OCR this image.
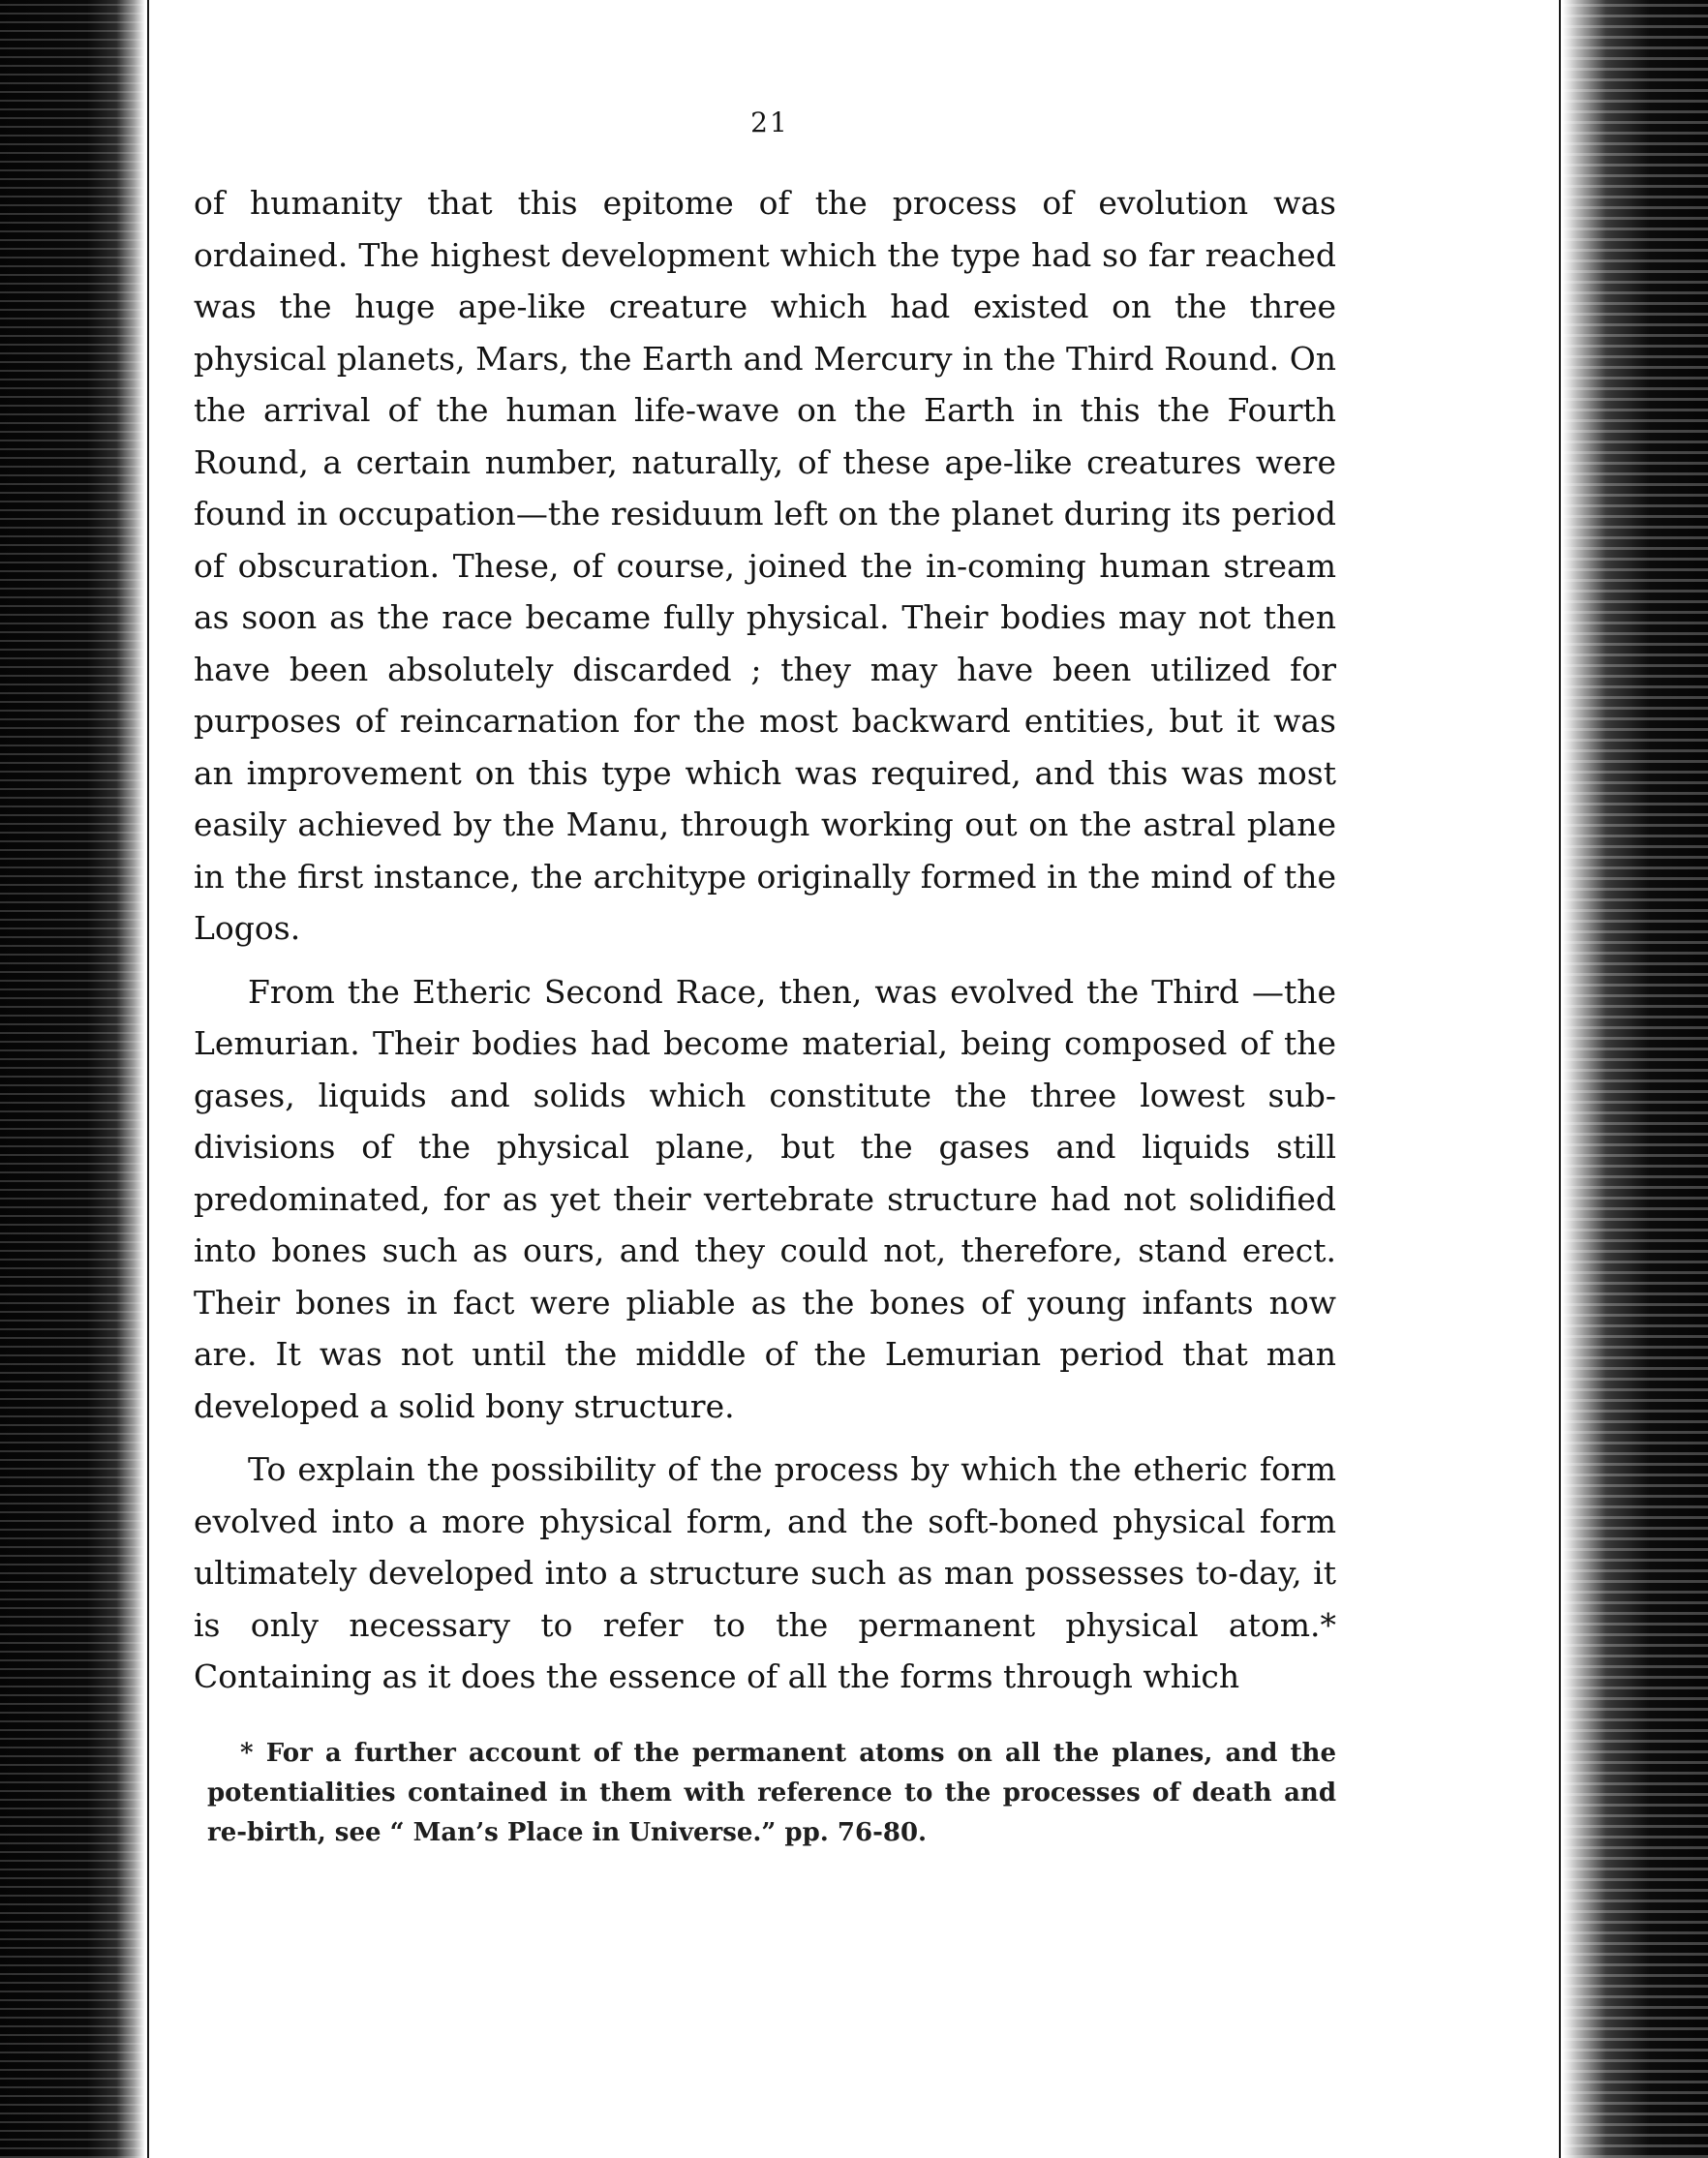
21

of humanity that this epitome of the process of evolution was ordained. The highest development which the type had so far reached was the huge ape-like creature which had existed on the three physical planets, Mars, the Earth and Mercury in the Third Round. On the arrival of the human life-wave on the Earth in this the Fourth Round, a certain number, naturally, of these ape-like creatures were found in occupation—the residuum left on the planet during its period of obscuration. These, of course, joined the in-coming human stream as soon as the race became fully physical. Their bodies may not then have been absolutely discarded ; they may have been utilized for purposes of reincarnation for the most backward entities, but it was an improvement on this type which was required, and this was most easily achieved by the Manu, through working out on the astral plane in the first instance, the architype originally formed in the mind of the Logos.

From the Etheric Second Race, then, was evolved the Third —the Lemurian. Their bodies had become material, being composed of the gases, liquids and solids which constitute the three lowest sub-divisions of the physical plane, but the gases and liquids still predominated, for as yet their vertebrate structure had not solidified into bones such as ours, and they could not, therefore, stand erect. Their bones in fact were pliable as the bones of young infants now are. It was not until the middle of the Lemurian period that man developed a solid bony structure.

To explain the possibility of the process by which the etheric form evolved into a more physical form, and the soft-boned physical form ultimately developed into a structure such as man possesses to-day, it is only necessary to refer to the permanent physical atom.* Containing as it does the essence of all the forms through which

* For a further account of the permanent atoms on all the planes, and the potentialities contained in them with reference to the processes of death and re-birth, see “ Man’s Place in Universe.” pp. 76-80.
